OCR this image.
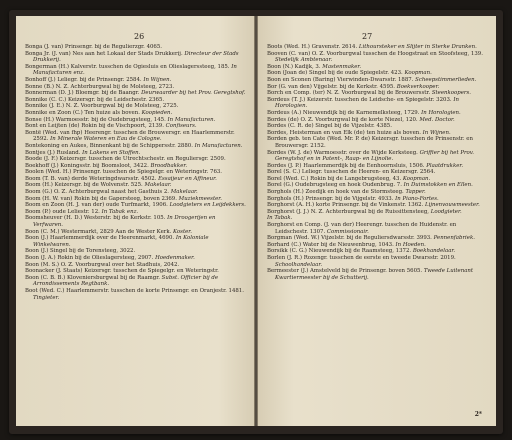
26
Bonga (J. van) Prinsengr. bij de Regulierzgr. 4065.
Bonga Jr. (J. van) Nes aan het Lokaal der Stads Drukkerij. Directeur der Stads Drukkerij.
Bongerman (H.) Kalverstr. tusschen de Ogiesluis en Olieslagerssteeg, 185. In Manufacturen enz.
Bonhoff (J.) Leliegr. bij de Prinsengr. 2584. In Wijnen.
Bonne (B.) N. Z. Achterburgwal bij de Molsteeg, 2723.
Bonnerman (D. J.) Bloemgr. bij de Baangr. Deurwaarder bij het Prov. Geregtshof.
Bonnike (C. C.) Keizersgr. bij de Leidschestr. 2365.
Bonnike (J. E.) N. Z. Voorburgwal bij de Molsteeg, 2725.
Bonnike en Zoon (C.) Ten huize als boven. Koopieden.
Bonse (H.) Warmoesstr. bij de Oudebrugsteeg, 145. In Manufacturen.
Bont en Leijten (de) Rokin bij de Vischpoort, 2139. Confiseurs.
Bontë (Wed. van fhp) Heerengr. tusschen de Brouwersgr. en Haarlemmerstr. 2592. In Minerale Wateren en Eau de Cologne.
Bontekoning en Aukes, Binnenkant bij de Schippersstr. 2880. In Manufacturen.
Bontjes (J.) Rusland. In Lakens en Stoffen.
Boode (J. F.) Keizersgr. tusschen de Utrechtschestr. en Reguliersgr. 2509.
Boekhoff (J.) Koningsstr. bij Boomsloot, 3422. Broodbakker.
Boolen (Wed. H.) Prinsengr. tusschen de Spiegelgr. en Weteringstr. 763.
Boom (T. B. van) derde Weteringdwarsstr. 4502. Essaijeur en Affineur.
Boom (H.) Keizersgr. bij de Wolvenstr. 525. Makelaar.
Boom (G.) O. Z. Achterburgwal naast het Gasthuis 2. Makelaar.
Boom (H. W. van) Rokin bij de Gapersteeg, boven 2369. Muziekmeester.
Boom en Zoon (H. J. van der) oude Turfmarkt, 1906. Loodgieters en Leijdekkers.
Boom (P.) oude Leliestr. 12. In Tabak enz.
Boomsheuver (H. D.) Westerstr. bij de Kerkstr. 105. In Droogerijen en Verfwaren.
Boon (C. M.) Westermarkt, 2829 Aan de Wester Kerk. Koster.
Boon (J.) Haarlemmerdijk over de Heerenmarkt, 4690. In Koloniale Winkelwaren.
Boon (J.) Singel bij de Torensteeg, 3022.
Boon (J. A.) Rokin bij de Olieslagersteeg, 2907. Hoedenmaker.
Boon (M. S.) O. Z. Voorburgwal over het Stadhuis, 2042.
Boonacker (J. Staats) Keizersgr. tusschen de Spiegelgr. en Weteringstr.
Boon (C. B. B.) Kloveniersburgwal bij de Raamgr. Subst. Officier bij de Arrondissements Regtbank.
Boot (Wed. C.) Haarlemmerstr. tusschen de korte Prinsengr. en Oranjestr. 1481. Tingieter.
27
Boots (Wed. H.) Gravenstr. 2614. Lithoursteker en Slijter in Sterke Dranken.
Booven (C. van) O. Z. Voorburgwal tusschen de Hoogstraat en Stoofsteeg, 139. Stedelijk Ambtenaar.
Boon (N.) Kadijk, 3. Mastenmaker.
Boon (Joan de) Singel bij de oude Spiegelstr. 423. Koopman.
Boon en Sconen (Baring) Vierwinden-Dwarsstr. 1887. Scheepstimmerlieden.
Bor (G. van den) Vijgelstr. bij de Kerkstr. 4595. Boekverkooper.
Borch en Comp. (ter) N. Z. Voorburgwal bij de Brouwersstr. Steenkoopers.
Bordeus (T. J.) Keizerstr. tusschen de Leidsche- en Spiegelstr. 3203. In Horologien.
Bordeus (A.) Nieuwendijk bij de Karnemelksteeg, 1729. In Horologien.
Bordes (de) O. Z. Voorburgwal bij de korte Niezel, 120. Med. Doctor.
Bordes (C. R. de) Singel bij de Vijzelstr. 4385.
Bordes, Heisterman en van Elk (de) ten huize als boven. In Wijnen.
Borden geb. ten Cate (Wed. Mr. P. de) Keizersgr. tusschen de Prinsenstr. en Brouwersgr. 2152.
Bordes (W. J. de) Warmoesstr. over de Wijde Kerksteeg. Griffier bij het Prov. Geregtshof en in Patent-, Raap- en Lijnolie.
Bordes (J. P.) Haarlemmerdijk bij de Eenhoornsluis, 1506. Plaatdrukker.
Borel (S. C.) Leliegr. tusschen de Heeren- en Keizersgr. 2564.
Borel (Wed. C.) Rokin bij de Langebrugsteeg, 43. Koopman.
Borel (G.) Oudebrugsteeg en hoek Oudenbrug. 7. In Duimstokken en Ellen.
Borghols (H.) Zeedijk en hoek van de Stormsteeg. Tapper.
Borghols (H.) Prinsengr. bij de Vijgelstr. 4933. In Piano-Fortes.
Borghorst (A. H.) korte Prinsengr. bij de Vinkenstr. 1362. Lijnenvouwmeester.
Borghorst (J. J.) N. Z. Achterburgwal bij de Ruissittensteeg, Loodgieter.
In Tabak.
Borghorst en Comp. (J. van der) Heerengr. tusschen de Huidenstr. en Leidschestr. 1307. Commissionair.
Borgman (Wed. W.) Vijzelstr. bij de Reguliersdwarsstr. 3993. Pennenfabriek.
Borhard (C.) Water bij de Nieuwenbrug, 1043. In Hoeden.
Borsikk (C. G.) Nieuwendijk bij de Raamsteeg, 1372. Boekhandelaar.
Borlen (J. R.) Rozengr. tusschen de eerste en tweede Dwarsstr. 2019. Schoolhandelaar.
Bermeester (J.) Amstelveld bij de Prinsengr. boven 5605. Tweede Luitenant Kwartiermeester bij de Schutterij.
2*
